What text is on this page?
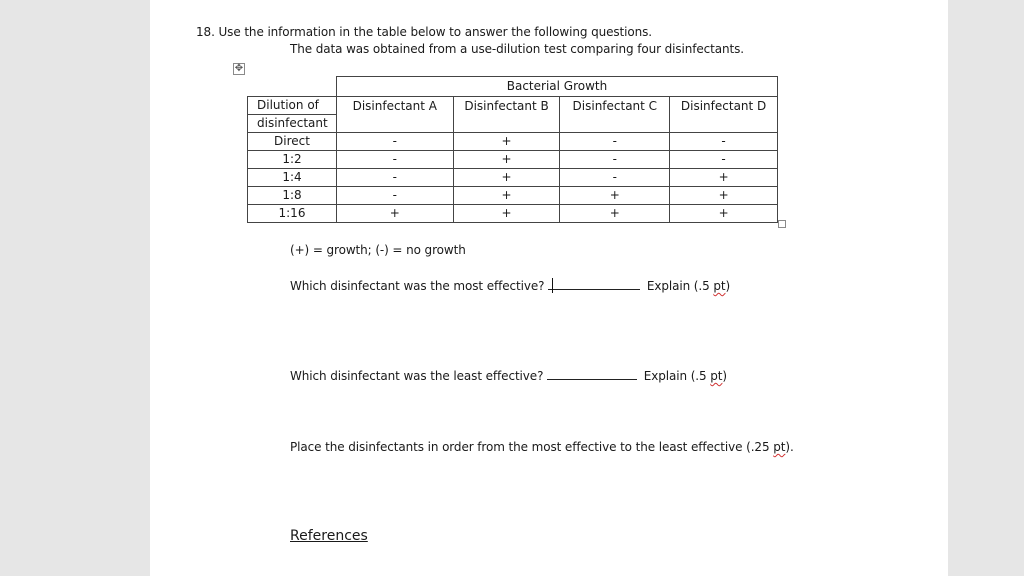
18. Use the information in the table below to answer the following questions.
The data was obtained from a use-dilution test comparing four disinfectants.
✥
	Bacterial Growth			
Dilution of	Disinfectant A	Disinfectant B	Disinfectant C	Disinfectant D
disinfectant				
Direct	-	+	-	-
1:2	-	+	-	-
1:4	-	+	-	+
1:8	-	+	+	+
1:16	+	+	+	+
(+) = growth; (-) = no growth
Which disinfectant was the most effective?	Explain (.5 pt)
Which disinfectant was the least effective?	Explain (.5 pt)
Place the disinfectants in order from the most effective to the least effective (.25 pt).
References
